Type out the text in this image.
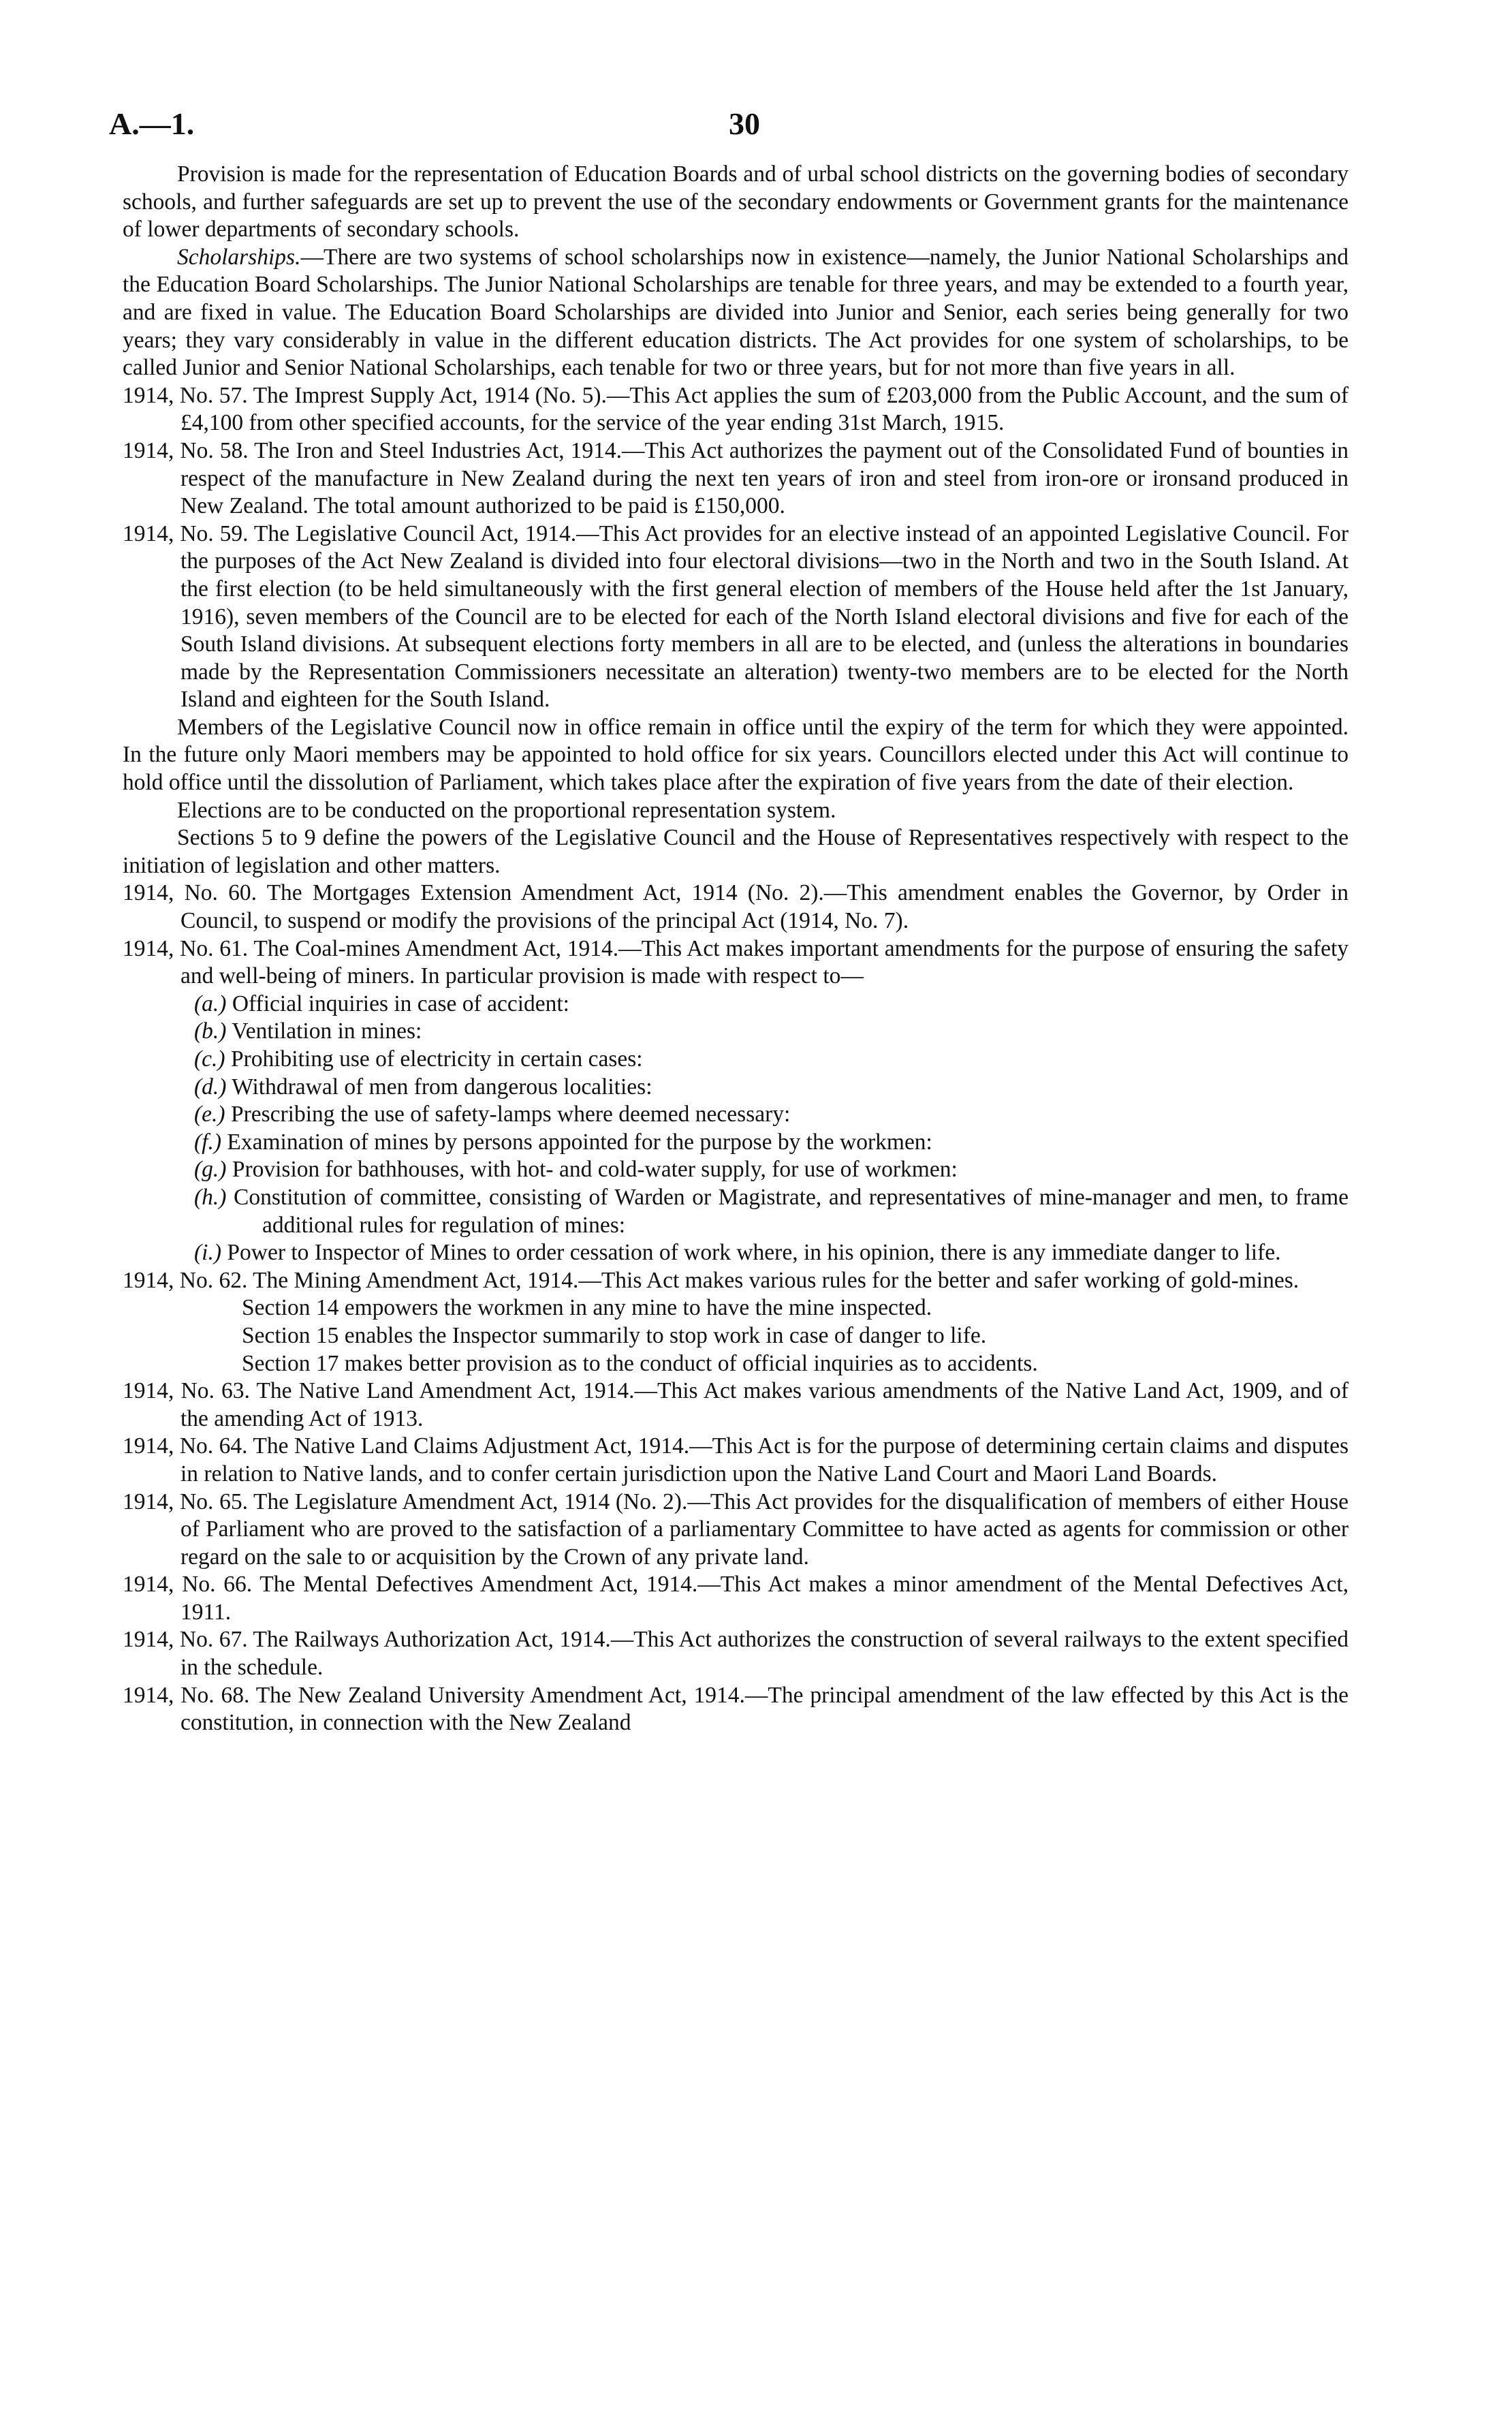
A.—1.	30

Provision is made for the representation of Education Boards and of urbal school districts on the governing bodies of secondary schools, and further safeguards are set up to prevent the use of the secondary endowments or Government grants for the maintenance of lower departments of secondary schools.

Scholarships.—There are two systems of school scholarships now in existence—namely, the Junior National Scholarships and the Education Board Scholarships. The Junior National Scholarships are tenable for three years, and may be extended to a fourth year, and are fixed in value. The Education Board Scholarships are divided into Junior and Senior, each series being generally for two years; they vary considerably in value in the different education districts. The Act provides for one system of scholarships, to be called Junior and Senior National Scholarships, each tenable for two or three years, but for not more than five years in all.

1914, No. 57. The Imprest Supply Act, 1914 (No. 5).—This Act applies the sum of £203,000 from the Public Account, and the sum of £4,100 from other specified accounts, for the service of the year ending 31st March, 1915.

1914, No. 58. The Iron and Steel Industries Act, 1914.—This Act authorizes the payment out of the Consolidated Fund of bounties in respect of the manufacture in New Zealand during the next ten years of iron and steel from iron-ore or ironsand produced in New Zealand. The total amount authorized to be paid is £150,000.

1914, No. 59. The Legislative Council Act, 1914.—This Act provides for an elective instead of an appointed Legislative Council. For the purposes of the Act New Zealand is divided into four electoral divisions—two in the North and two in the South Island. At the first election (to be held simultaneously with the first general election of members of the House held after the 1st January, 1916), seven members of the Council are to be elected for each of the North Island electoral divisions and five for each of the South Island divisions. At subsequent elections forty members in all are to be elected, and (unless the alterations in boundaries made by the Representation Commissioners necessitate an alteration) twenty-two members are to be elected for the North Island and eighteen for the South Island.

Members of the Legislative Council now in office remain in office until the expiry of the term for which they were appointed. In the future only Maori members may be appointed to hold office for six years. Councillors elected under this Act will continue to hold office until the dissolution of Parliament, which takes place after the expiration of five years from the date of their election.

Elections are to be conducted on the proportional representation system.

Sections 5 to 9 define the powers of the Legislative Council and the House of Representatives respectively with respect to the initiation of legislation and other matters.

1914, No. 60. The Mortgages Extension Amendment Act, 1914 (No. 2).—This amendment enables the Governor, by Order in Council, to suspend or modify the provisions of the principal Act (1914, No. 7).

1914, No. 61. The Coal-mines Amendment Act, 1914.—This Act makes important amendments for the purpose of ensuring the safety and well-being of miners. In particular provision is made with respect to—

(a.) Official inquiries in case of accident:
(b.) Ventilation in mines:
(c.) Prohibiting use of electricity in certain cases:
(d.) Withdrawal of men from dangerous localities:
(e.) Prescribing the use of safety-lamps where deemed necessary:
(f.) Examination of mines by persons appointed for the purpose by the workmen:
(g.) Provision for bathhouses, with hot- and cold-water supply, for use of workmen:
(h.) Constitution of committee, consisting of Warden or Magistrate, and representatives of mine-manager and men, to frame additional rules for regulation of mines:
(i.) Power to Inspector of Mines to order cessation of work where, in his opinion, there is any immediate danger to life.

1914, No. 62. The Mining Amendment Act, 1914.—This Act makes various rules for the better and safer working of gold-mines.

Section 14 empowers the workmen in any mine to have the mine inspected.

Section 15 enables the Inspector summarily to stop work in case of danger to life.

Section 17 makes better provision as to the conduct of official inquiries as to accidents.

1914, No. 63. The Native Land Amendment Act, 1914.—This Act makes various amendments of the Native Land Act, 1909, and of the amending Act of 1913.

1914, No. 64. The Native Land Claims Adjustment Act, 1914.—This Act is for the purpose of determining certain claims and disputes in relation to Native lands, and to confer certain jurisdiction upon the Native Land Court and Maori Land Boards.

1914, No. 65. The Legislature Amendment Act, 1914 (No. 2).—This Act provides for the disqualification of members of either House of Parliament who are proved to the satisfaction of a parliamentary Committee to have acted as agents for commission or other regard on the sale to or acquisition by the Crown of any private land.

1914, No. 66. The Mental Defectives Amendment Act, 1914.—This Act makes a minor amendment of the Mental Defectives Act, 1911.

1914, No. 67. The Railways Authorization Act, 1914.—This Act authorizes the construction of several railways to the extent specified in the schedule.

1914, No. 68. The New Zealand University Amendment Act, 1914.—The principal amendment of the law effected by this Act is the constitution, in connection with the New Zealand
